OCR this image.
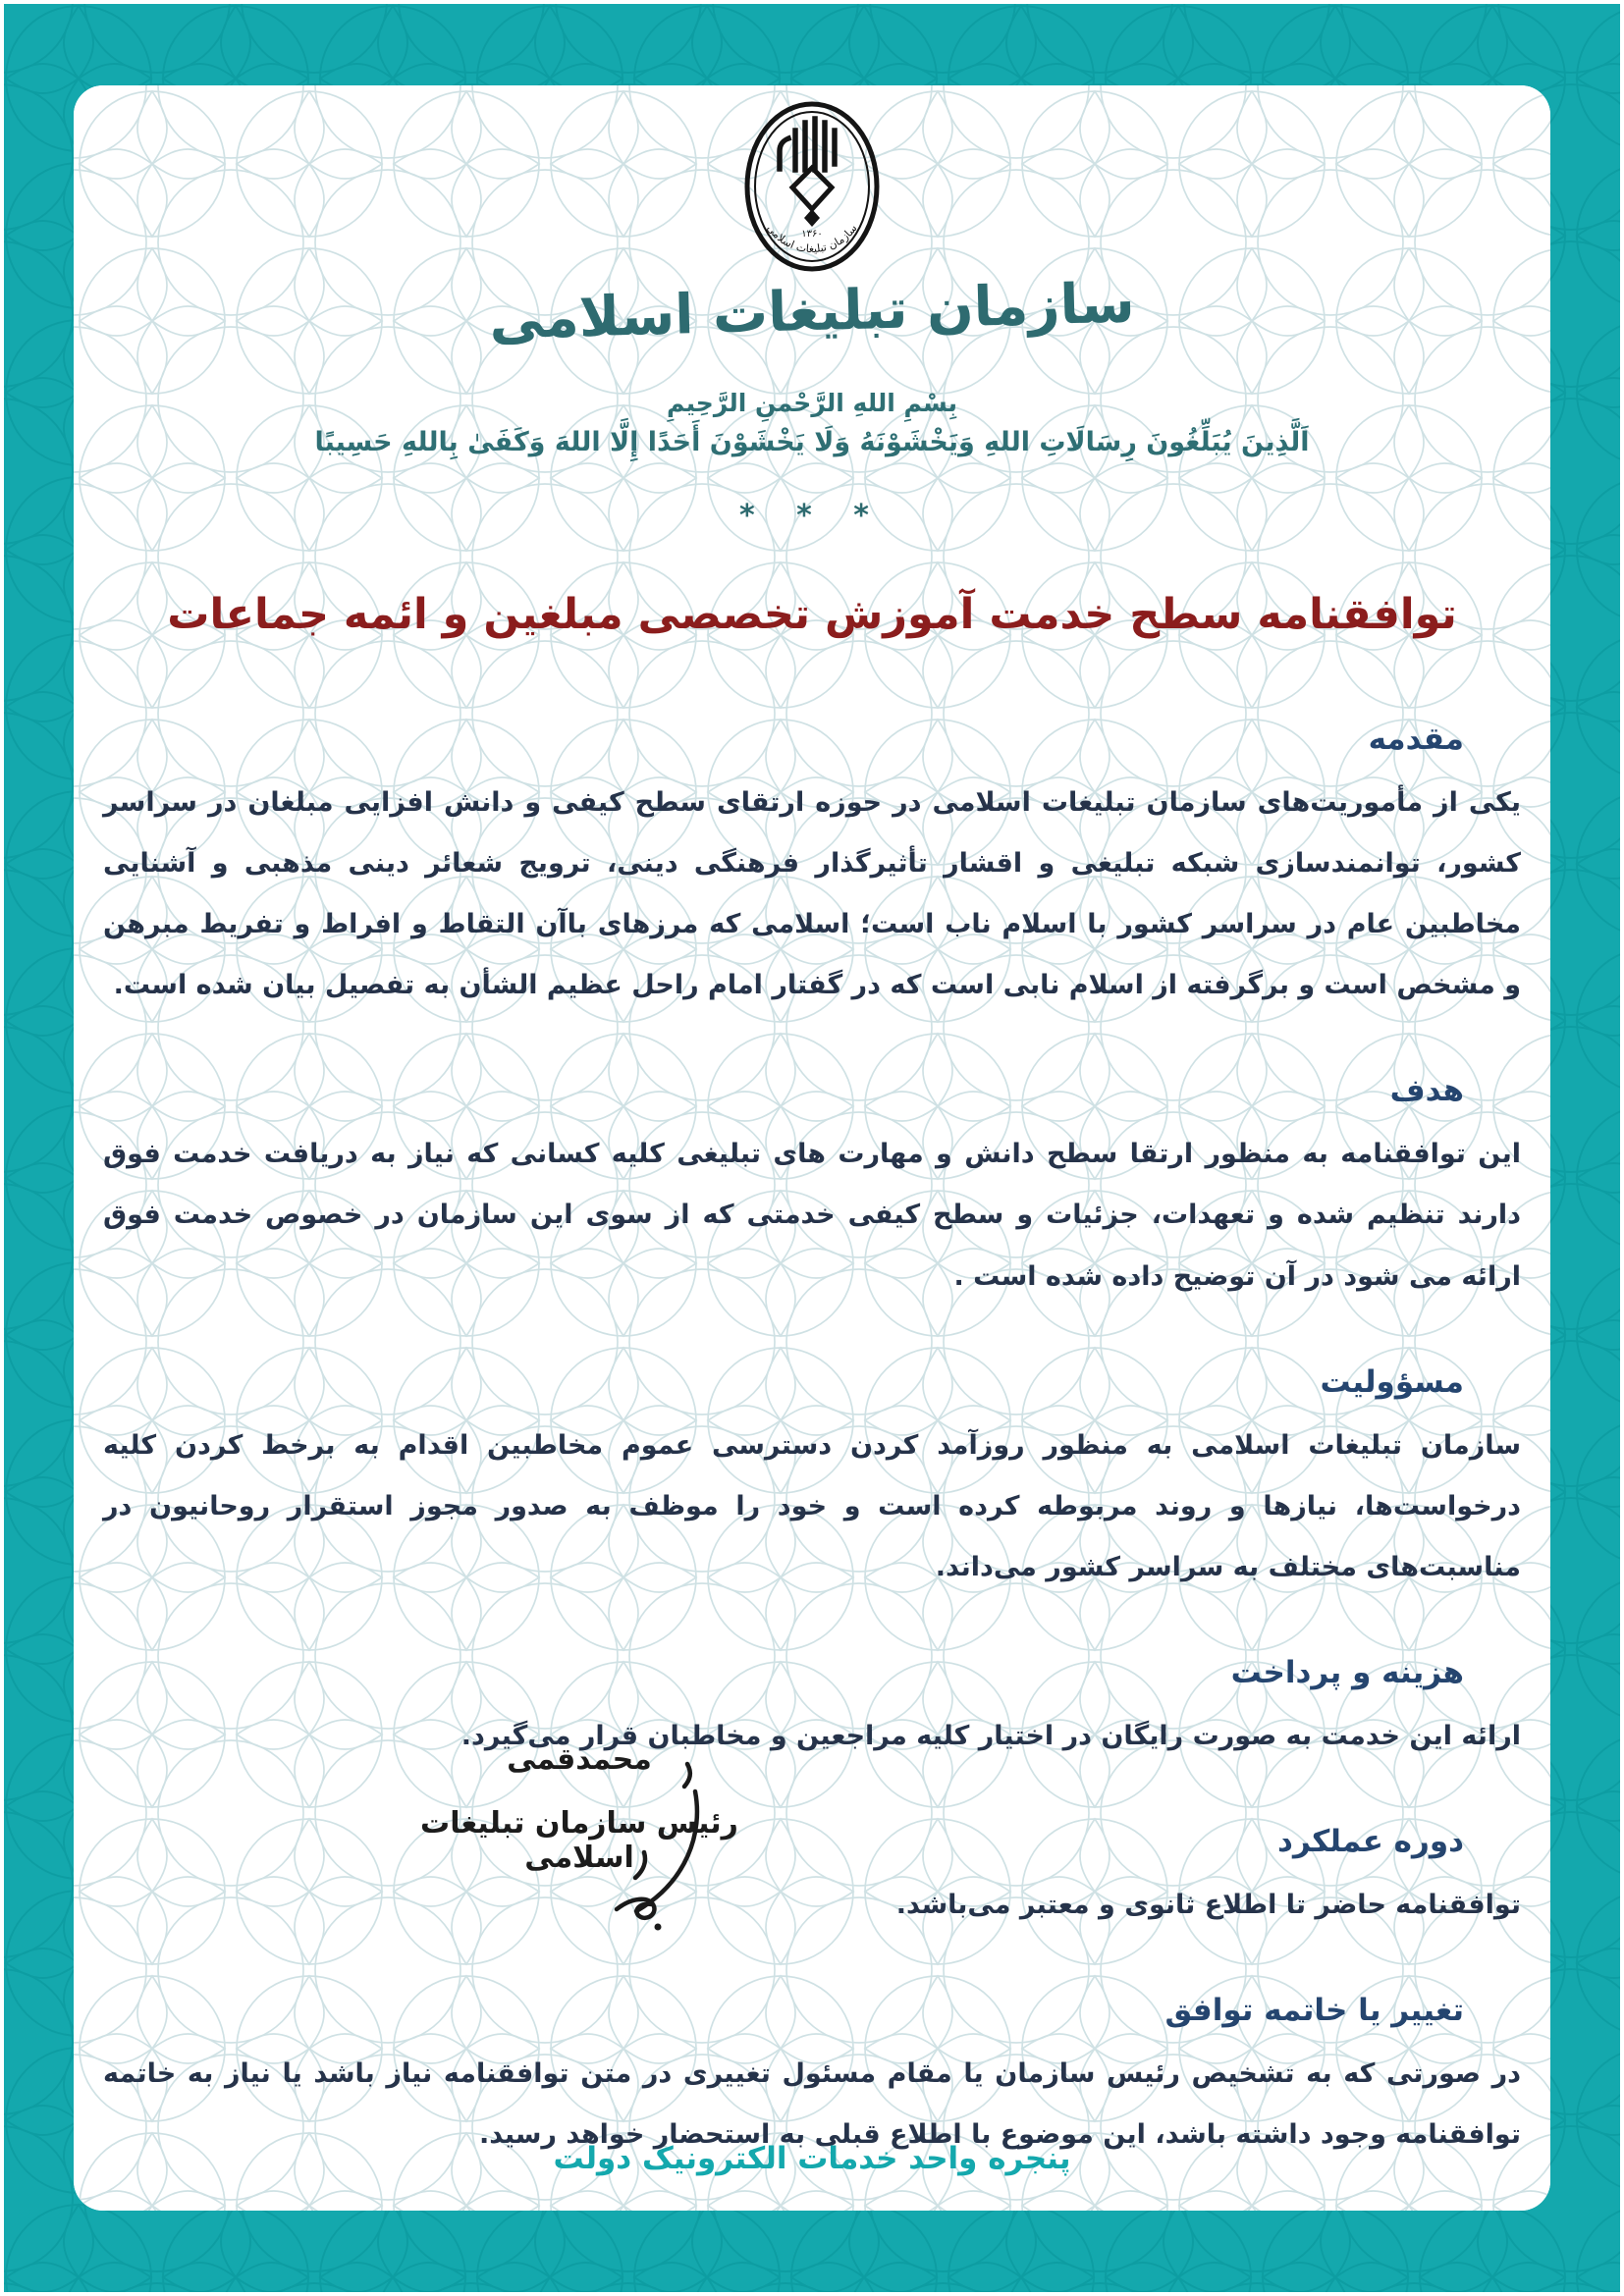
۱۳۶۰
سازمان تبلیغات اسلامی
سازمان تبلیغات اسلامی
بِسْمِ اللهِ الرَّحْمنِ الرَّحِيمِ
اَلَّذِينَ يُبَلِّغُونَ رِسَالَاتِ اللهِ وَيَخْشَوْنَهُ وَلَا يَخْشَوْنَ أَحَدًا إِلَّا اللهَ وَكَفَىٰ بِاللهِ حَسِيبًا
* * *
توافقنامه سطح خدمت آموزش تخصصی مبلغین و ائمه جماعات
مقدمه

یکی از مأموریت‌های سازمان تبلیغات اسلامی در حوزه ارتقای سطح کیفی و دانش افزایی مبلغان در سراسر کشور، توانمندسازی شبکه تبلیغی و اقشار تأثیرگذار فرهنگی دینی، ترویج شعائر دینی مذهبی و آشنایی مخاطبین عام در سراسر کشور با اسلام ناب است؛ اسلامی که مرزهای باآن التقاط و افراط و تفریط مبرهن و مشخص است و برگرفته از اسلام نابی است که در گفتار امام راحل عظیم الشأن به تفصیل بیان شده است.

هدف

این توافقنامه به منظور ارتقا سطح دانش و مهارت های تبلیغی کلیه کسانی که نیاز به دریافت خدمت فوق دارند تنظیم شده و تعهدات، جزئیات و سطح کیفی خدمتی که از سوی این سازمان در خصوص خدمت فوق ارائه می شود در آن توضیح داده شده است .

مسؤولیت

سازمان تبلیغات اسلامی به منظور روزآمد کردن دسترسی عموم مخاطبین اقدام به برخط کردن کلیه درخواست‌ها، نیازها و روند مربوطه کرده است و خود را موظف به صدور مجوز استقرار روحانیون در مناسبت‌های مختلف به سراسر کشور می‌داند.

هزینه و پرداخت

ارائه این خدمت به صورت رایگان در اختیار کلیه مراجعین و مخاطبان قرار می‌گیرد.

دوره عملکرد

توافقنامه حاضر تا اطلاع ثانوی و معتبر می‌باشد.

تغییر یا خاتمه توافق

در صورتی که به تشخیص رئیس سازمان یا مقام مسئول تغییری در متن توافقنامه نیاز باشد یا نیاز به خاتمه توافقنامه وجود داشته باشد، این موضوع با اطلاع قبلی به استحضار خواهد رسید.

محمدقمی
رئیس سازمان تبلیغات اسلامی
پنجره واحد خدمات الکترونیک دولت
